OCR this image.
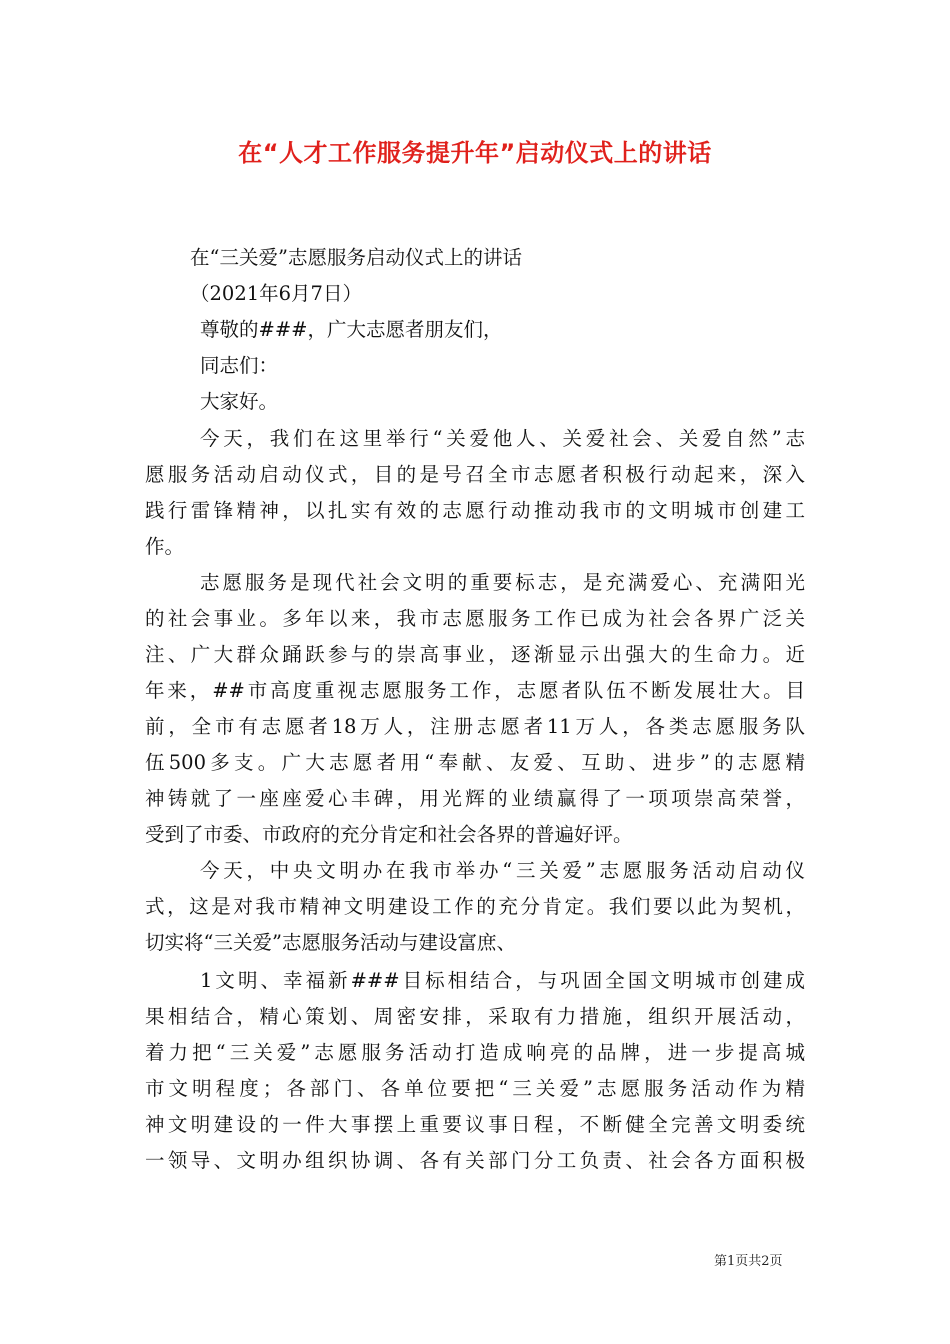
在“人才工作服务提升年”启动仪式上的讲话

在“三关爱”志愿服务启动仪式上的讲话

（2021年6月7日）

尊敬的###，广大志愿者朋友们，

同志们：

大家好。

今天，我们在这里举行“关爱他人、关爱社会、关爱自然”志

愿服务活动启动仪式，目的是号召全市志愿者积极行动起来，深入

践行雷锋精神，以扎实有效的志愿行动推动我市的文明城市创建工

作。

志愿服务是现代社会文明的重要标志，是充满爱心、充满阳光

的社会事业。多年以来，我市志愿服务工作已成为社会各界广泛关

注、广大群众踊跃参与的崇高事业，逐渐显示出强大的生命力。近

年来，##市高度重视志愿服务工作，志愿者队伍不断发展壮大。目

前，全市有志愿者18万人，注册志愿者11万人，各类志愿服务队

伍500多支。广大志愿者用“奉献、友爱、互助、进步”的志愿精

神铸就了一座座爱心丰碑，用光辉的业绩赢得了一项项崇高荣誉，

受到了市委、市政府的充分肯定和社会各界的普遍好评。

今天，中央文明办在我市举办“三关爱”志愿服务活动启动仪

式，这是对我市精神文明建设工作的充分肯定。我们要以此为契机，

切实将“三关爱”志愿服务活动与建设富庶、

1文明、幸福新###目标相结合，与巩固全国文明城市创建成

果相结合，精心策划、周密安排，采取有力措施，组织开展活动，

着力把“三关爱”志愿服务活动打造成响亮的品牌，进一步提高城

市文明程度；各部门、各单位要把“三关爱”志愿服务活动作为精

神文明建设的一件大事摆上重要议事日程，不断健全完善文明委统

一领导、文明办组织协调、各有关部门分工负责、社会各方面积极

第1页共2页
